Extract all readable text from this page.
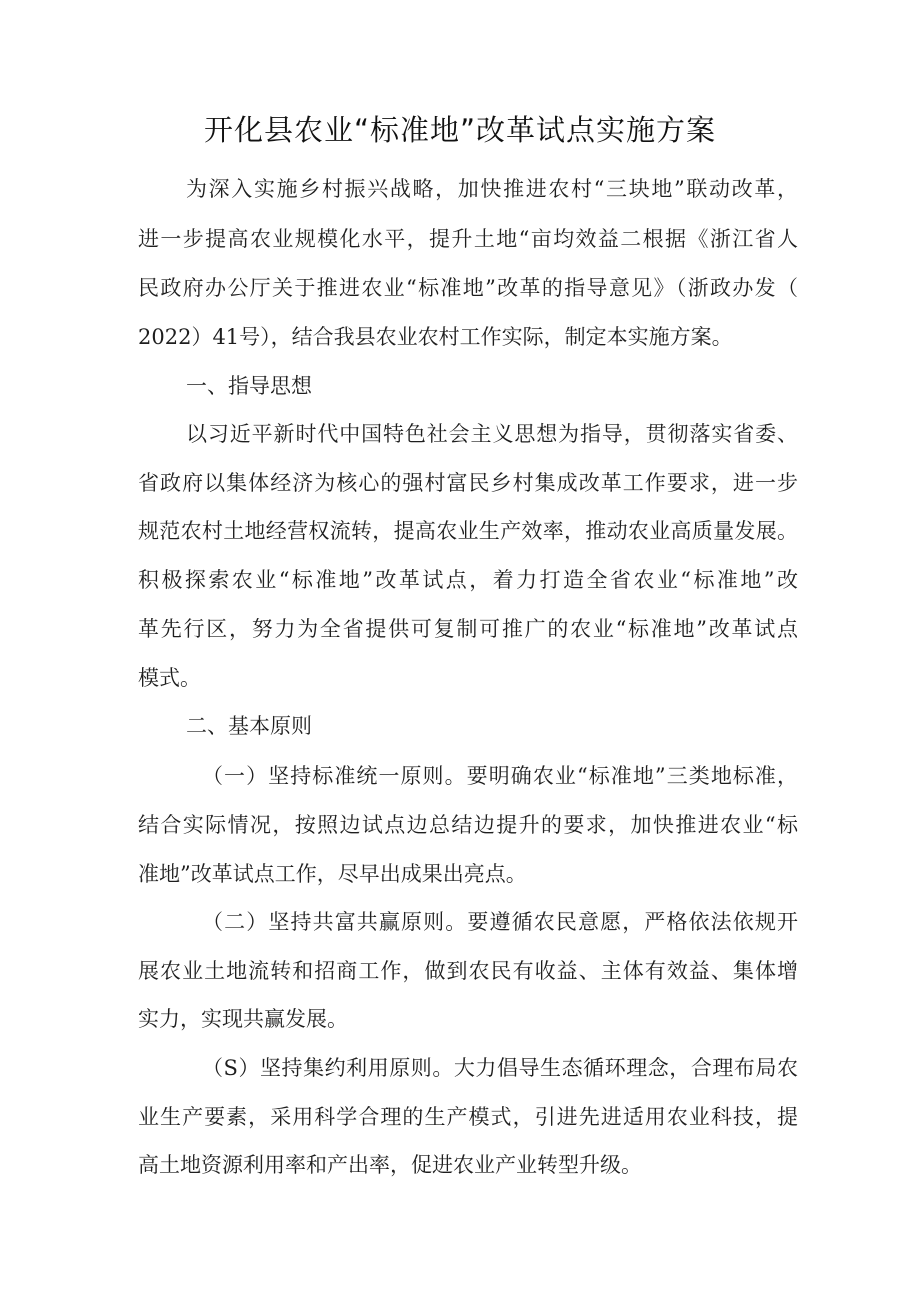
开化县农业“标准地”改革试点实施方案
为深入实施乡村振兴战略，加快推进农村“三块地”联动改革，
进一步提高农业规模化水平，提升土地“亩均效益二根据《浙江省人
民政府办公厅关于推进农业“标准地”改革的指导意见》（浙政办发（
2022）41号），结合我县农业农村工作实际，制定本实施方案。
一、指导思想
以习近平新时代中国特色社会主义思想为指导，贯彻落实省委、
省政府以集体经济为核心的强村富民乡村集成改革工作要求，进一步
规范农村土地经营权流转，提高农业生产效率，推动农业高质量发展。
积极探索农业“标准地”改革试点，着力打造全省农业“标准地”改
革先行区，努力为全省提供可复制可推广的农业“标准地”改革试点
模式。
二、基本原则
（一）坚持标准统一原则。要明确农业“标准地”三类地标准，
结合实际情况，按照边试点边总结边提升的要求，加快推进农业“标
准地”改革试点工作，尽早出成果出亮点。
（二）坚持共富共赢原则。要遵循农民意愿，严格依法依规开
展农业土地流转和招商工作，做到农民有收益、主体有效益、集体增
实力，实现共赢发展。
（S）坚持集约利用原则。大力倡导生态循环理念，合理布局农
业生产要素，采用科学合理的生产模式，引进先进适用农业科技，提
高土地资源利用率和产出率，促进农业产业转型升级。
